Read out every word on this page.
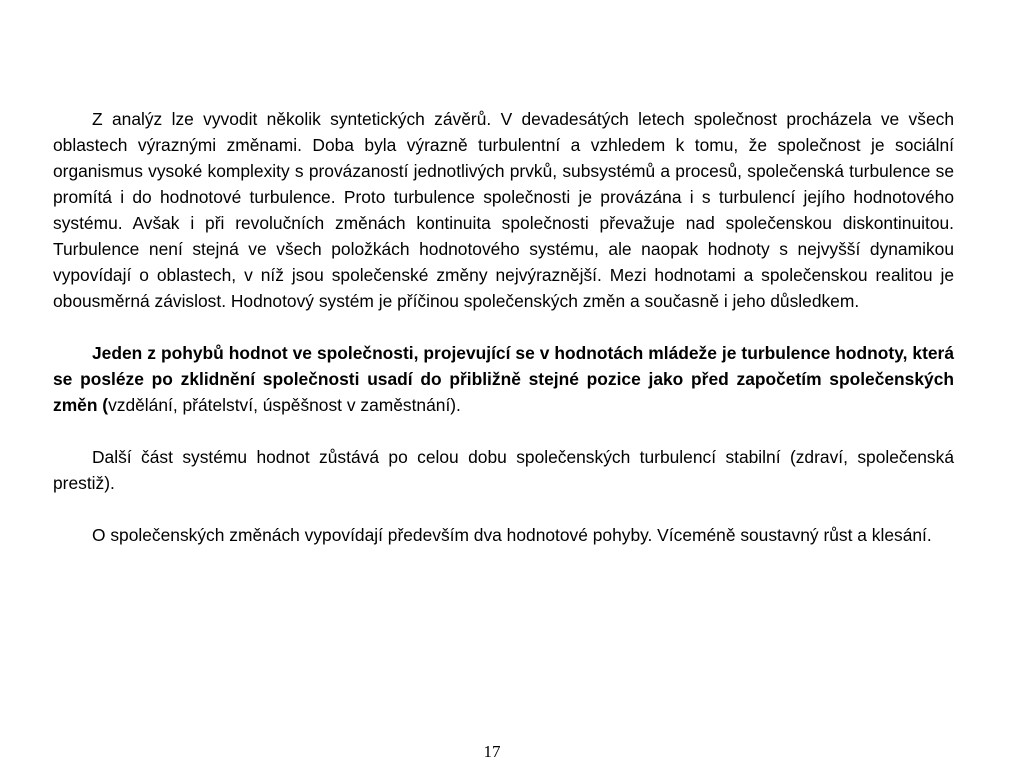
Z analýz lze vyvodit několik syntetických závěrů. V devadesátých letech společnost procházela ve všech oblastech výraznými změnami. Doba byla výrazně turbulentní a vzhledem k tomu, že společnost je sociální organismus vysoké komplexity s provázaností jednotlivých prvků, subsystémů a procesů, společenská turbulence se promítá i do hodnotové turbulence. Proto turbulence společnosti je provázána i s turbulencí jejího hodnotového systému. Avšak i při revolučních změnách kontinuita společnosti převažuje nad společenskou diskontinuitou. Turbulence není stejná ve všech položkách hodnotového systému, ale naopak hodnoty s nejvyšší dynamikou vypovídají o oblastech, v níž jsou společenské změny nejvýraznější. Mezi hodnotami a společenskou realitou je obousměrná závislost. Hodnotový systém je příčinou společenských změn a současně i jeho důsledkem.

Jeden z pohybů hodnot ve společnosti, projevující se v hodnotách mládeže je turbulence hodnoty, která se posléze po zklidnění společnosti usadí do přibližně stejné pozice jako před započetím společenských změn (vzdělání, přátelství, úspěšnost v zaměstnání).

Další část systému hodnot zůstává po celou dobu společenských turbulencí stabilní (zdraví, společenská prestiž).

O společenských změnách vypovídají především dva hodnotové pohyby. Víceméně soustavný růst a klesání.

17
